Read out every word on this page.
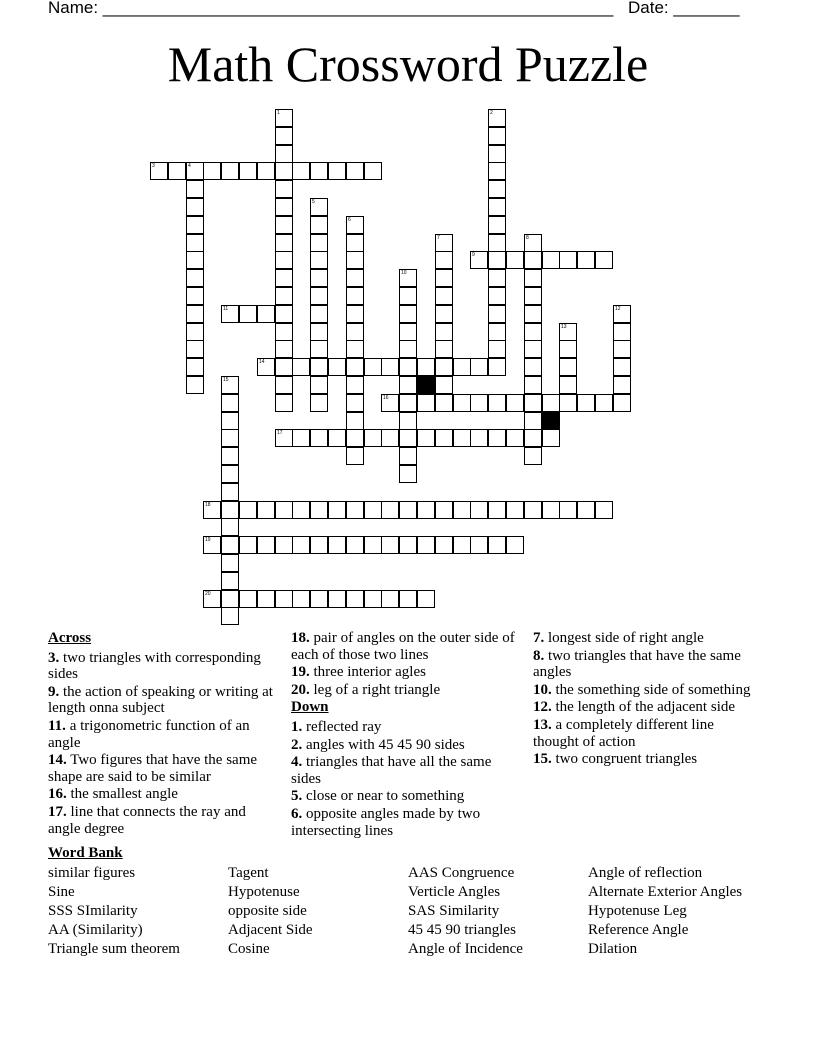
Name: ______________________________________________________ Date: _______
Math Crossword Puzzle
1	2
3	4
5
6
7	8
9
10
11	12
13
14
15
16
17
18
19
20
Across
3. two triangles with corresponding sides
9. the action of speaking or writing at length onna subject
11. a trigonometric function of an angle
14. Two figures that have the same shape are said to be similar
16. the smallest angle
17. line that connects the ray and angle degree
18. pair of angles on the outer side of each of those two lines
19. three interior agles
20. leg of a right triangle
Down
1. reflected ray
2. angles with 45 45 90 sides
4. triangles that have all the same sides
5. close or near to something
6. opposite angles made by two intersecting lines
7. longest side of right angle
8. two triangles that have the same angles
10. the something side of something
12. the length of the adjacent side
13. a completely different line thought of action
15. two congruent triangles
Word Bank
similar figures
Sine
SSS SImilarity
AA (Similarity)
Triangle sum theorem
Tagent
Hypotenuse
opposite side
Adjacent Side
Cosine
AAS Congruence
Verticle Angles
SAS Similarity
45 45 90 triangles
Angle of Incidence
Angle of reflection
Alternate Exterior Angles
Hypotenuse Leg
Reference Angle
Dilation
